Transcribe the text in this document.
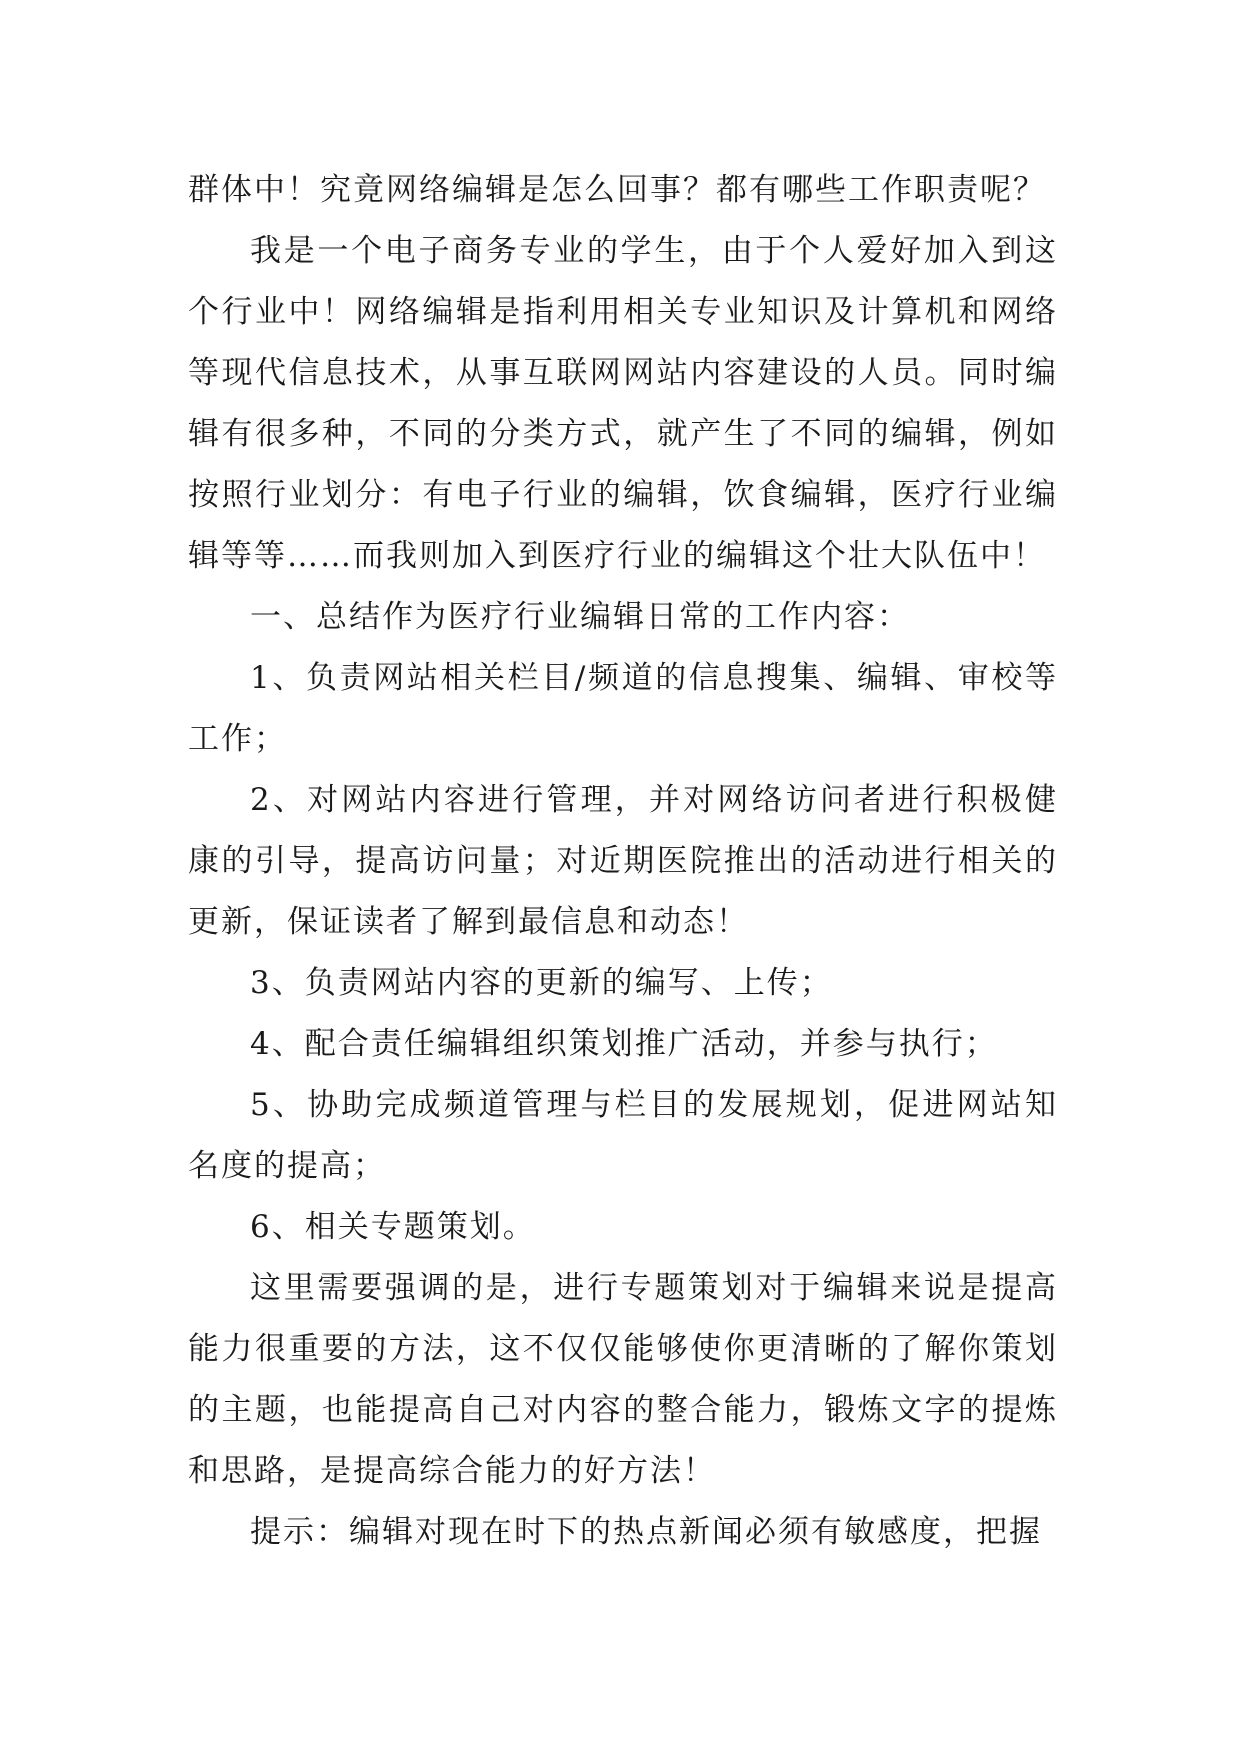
群体中！究竟网络编辑是怎么回事？都有哪些工作职责呢？

我是一个电子商务专业的学生，由于个人爱好加入到这个行业中！网络编辑是指利用相关专业知识及计算机和网络等现代信息技术，从事互联网网站内容建设的人员。同时编辑有很多种，不同的分类方式，就产生了不同的编辑，例如按照行业划分：有电子行业的编辑，饮食编辑，医疗行业编辑等等……而我则加入到医疗行业的编辑这个壮大队伍中！

一、总结作为医疗行业编辑日常的工作内容：

1、负责网站相关栏目/频道的信息搜集、编辑、审校等工作；

2、对网站内容进行管理，并对网络访问者进行积极健康的引导，提高访问量；对近期医院推出的活动进行相关的更新，保证读者了解到最信息和动态！

3、负责网站内容的更新的编写、上传；

4、配合责任编辑组织策划推广活动，并参与执行；

5、协助完成频道管理与栏目的发展规划，促进网站知名度的提高；

6、相关专题策划。

这里需要强调的是，进行专题策划对于编辑来说是提高能力很重要的方法，这不仅仅能够使你更清晰的了解你策划的主题，也能提高自己对内容的整合能力，锻炼文字的提炼和思路，是提高综合能力的好方法！

提示：编辑对现在时下的热点新闻必须有敏感度，把握
